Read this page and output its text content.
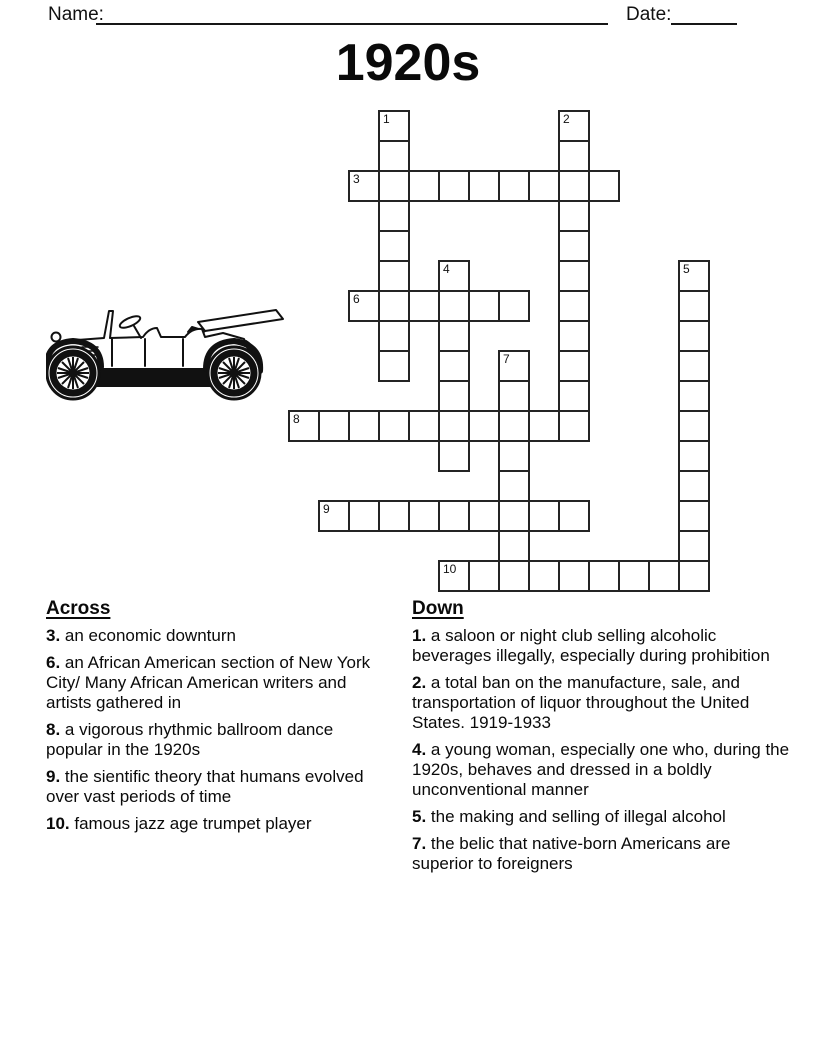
Name:	Date:
1920s
1	2
3
4	5
6
7
8
9
10
Across

3. an economic downturn

6. an African American section of New York City/ Many African American writers and artists gathered in

8. a vigorous rhythmic ballroom dance popular in the 1920s

9. the sientific theory that humans evolved over vast periods of time

10. famous jazz age trumpet player

Down

1. a saloon or night club selling alcoholic beverages illegally, especially during prohibition

2. a total ban on the manufacture, sale, and transportation of liquor throughout the United States. 1919-1933

4. a young woman, especially one who, during the 1920s, behaves and dressed in a boldly unconventional manner

5. the making and selling of illegal alcohol

7. the belic that native-born Americans are superior to foreigners
